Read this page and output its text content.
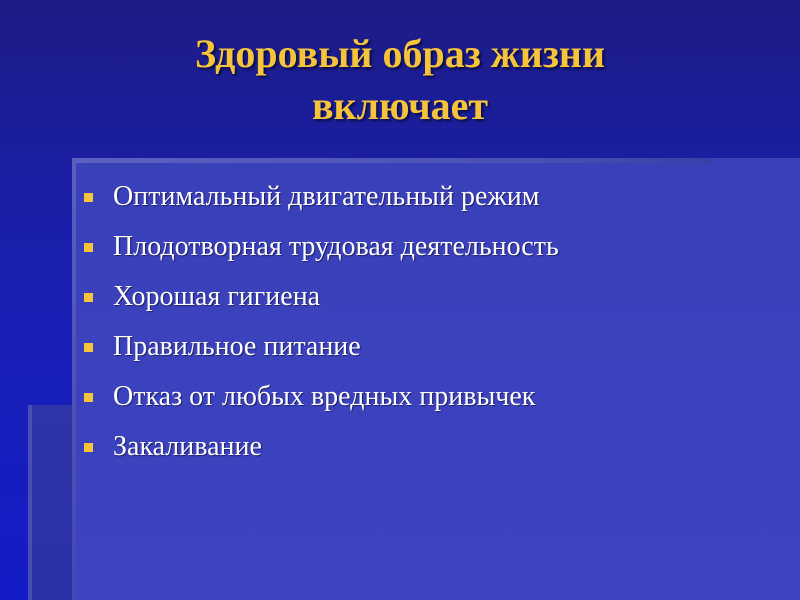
Здоровый образ жизни
включает
Оптимальный двигательный режим
Плодотворная трудовая деятельность
Хорошая гигиена
Правильное питание
Отказ от любых вредных привычек
Закаливание
